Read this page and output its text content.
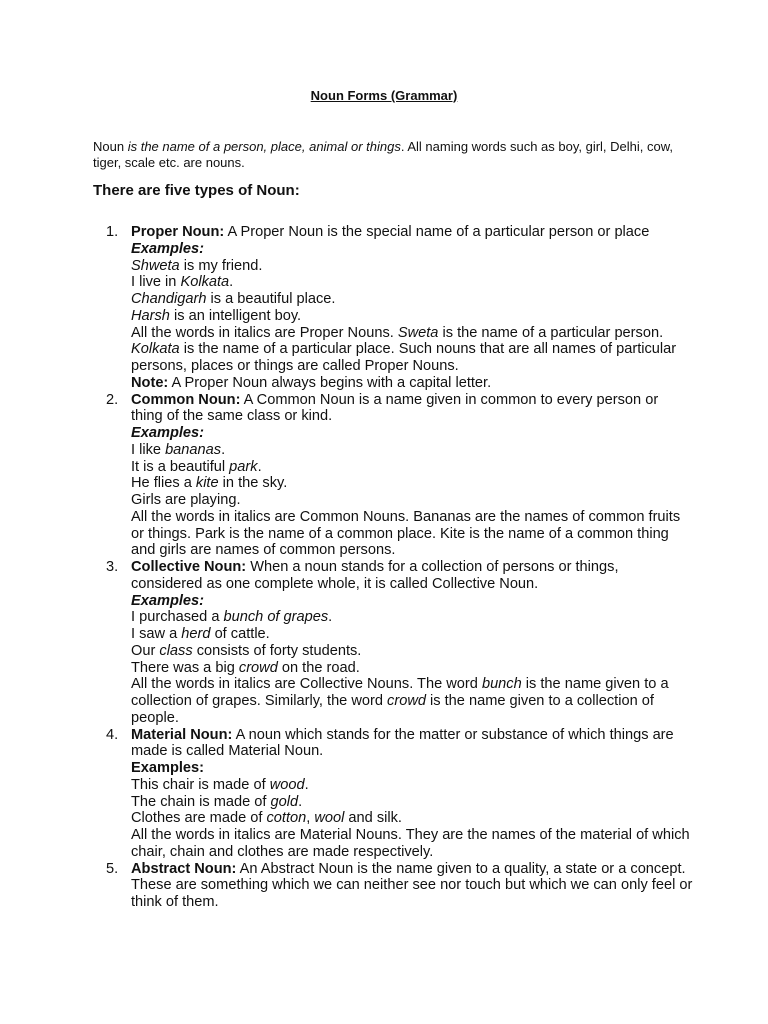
Noun Forms (Grammar)
Noun is the name of a person, place, animal or things. All naming words such as boy, girl, Delhi, cow, tiger, scale etc. are nouns.
There are five types of Noun:
1. Proper Noun: A Proper Noun is the special name of a particular person or place
Examples:
Shweta is my friend.
I live in Kolkata.
Chandigarh is a beautiful place.
Harsh is an intelligent boy.
All the words in italics are Proper Nouns. Sweta is the name of a particular person. Kolkata is the name of a particular place. Such nouns that are all names of particular persons, places or things are called Proper Nouns.
Note: A Proper Noun always begins with a capital letter.
2. Common Noun: A Common Noun is a name given in common to every person or thing of the same class or kind.
Examples:
I like bananas.
It is a beautiful park.
He flies a kite in the sky.
Girls are playing.
All the words in italics are Common Nouns. Bananas are the names of common fruits or things. Park is the name of a common place. Kite is the name of a common thing and girls are names of common persons.
3. Collective Noun: When a noun stands for a collection of persons or things, considered as one complete whole, it is called Collective Noun.
Examples:
I purchased a bunch of grapes.
I saw a herd of cattle.
Our class consists of forty students.
There was a big crowd on the road.
All the words in italics are Collective Nouns. The word bunch is the name given to a collection of grapes. Similarly, the word crowd is the name given to a collection of people.
4. Material Noun: A noun which stands for the matter or substance of which things are made is called Material Noun.
Examples:
This chair is made of wood.
The chain is made of gold.
Clothes are made of cotton, wool and silk.
All the words in italics are Material Nouns. They are the names of the material of which chair, chain and clothes are made respectively.
5. Abstract Noun: An Abstract Noun is the name given to a quality, a state or a concept. These are something which we can neither see nor touch but which we can only feel or think of them.
